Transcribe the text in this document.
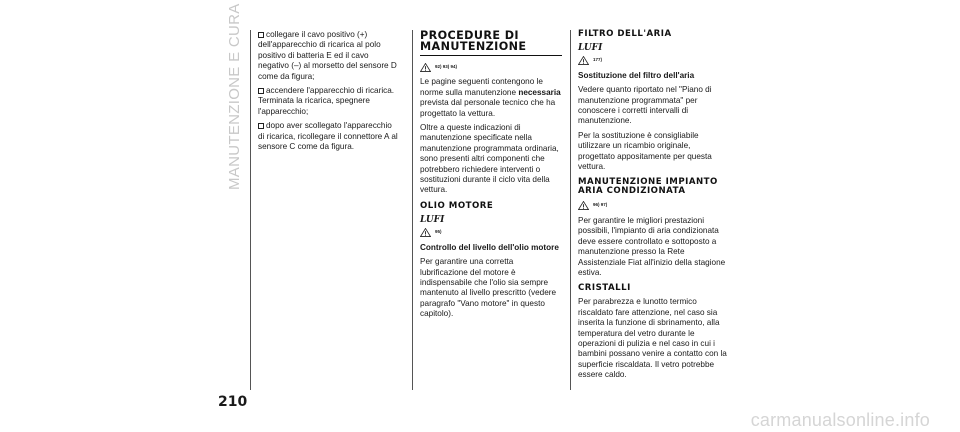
MANUTENZIONE E CURA	collegare il cavo positivo (+) dell'apparecchio di ricarica al polo positivo di batteria E ed il cavo negativo (–) al morsetto del sensore D come da figura;

accendere l'apparecchio di ricarica. Terminata la ricarica, spegnere l'apparecchio;

dopo aver scollegato l'apparecchio di ricarica, ricollegare il connettore A al sensore C come da figura.

PROCEDURE DI MANUTENZIONE
92) 93) 94)

Le pagine seguenti contengono le norme sulla manutenzione necessaria prevista dal personale tecnico che ha progettato la vettura.

Oltre a queste indicazioni di manutenzione specificate nella manutenzione programmata ordinaria, sono presenti altri componenti che potrebbero richiedere interventi o sostituzioni durante il ciclo vita della vettura.

OLIO MOTORE
LUFI
95)

Controllo del livello dell'olio motore

Per garantire una corretta lubrificazione del motore è indispensabile che l'olio sia sempre mantenuto al livello prescritto (vedere paragrafo "Vano motore" in questo capitolo).

FILTRO DELL'ARIA
LUFI
177)

Sostituzione del filtro dell'aria

Vedere quanto riportato nel "Piano di manutenzione programmata" per conoscere i corretti intervalli di manutenzione.

Per la sostituzione è consigliabile utilizzare un ricambio originale, progettato appositamente per questa vettura.

MANUTENZIONE IMPIANTO ARIA CONDIZIONATA
96) 97)

Per garantire le migliori prestazioni possibili, l'impianto di aria condizionata deve essere controllato e sottoposto a manutenzione presso la Rete Assistenziale Fiat all'inizio della stagione estiva.

CRISTALLI

Per parabrezza e lunotto termico riscaldato fare attenzione, nel caso sia inserita la funzione di sbrinamento, alla temperatura del vetro durante le operazioni di pulizia e nel caso in cui i bambini possano venire a contatto con la superficie riscaldata. Il vetro potrebbe essere caldo.

210
carmanualsonline.info
